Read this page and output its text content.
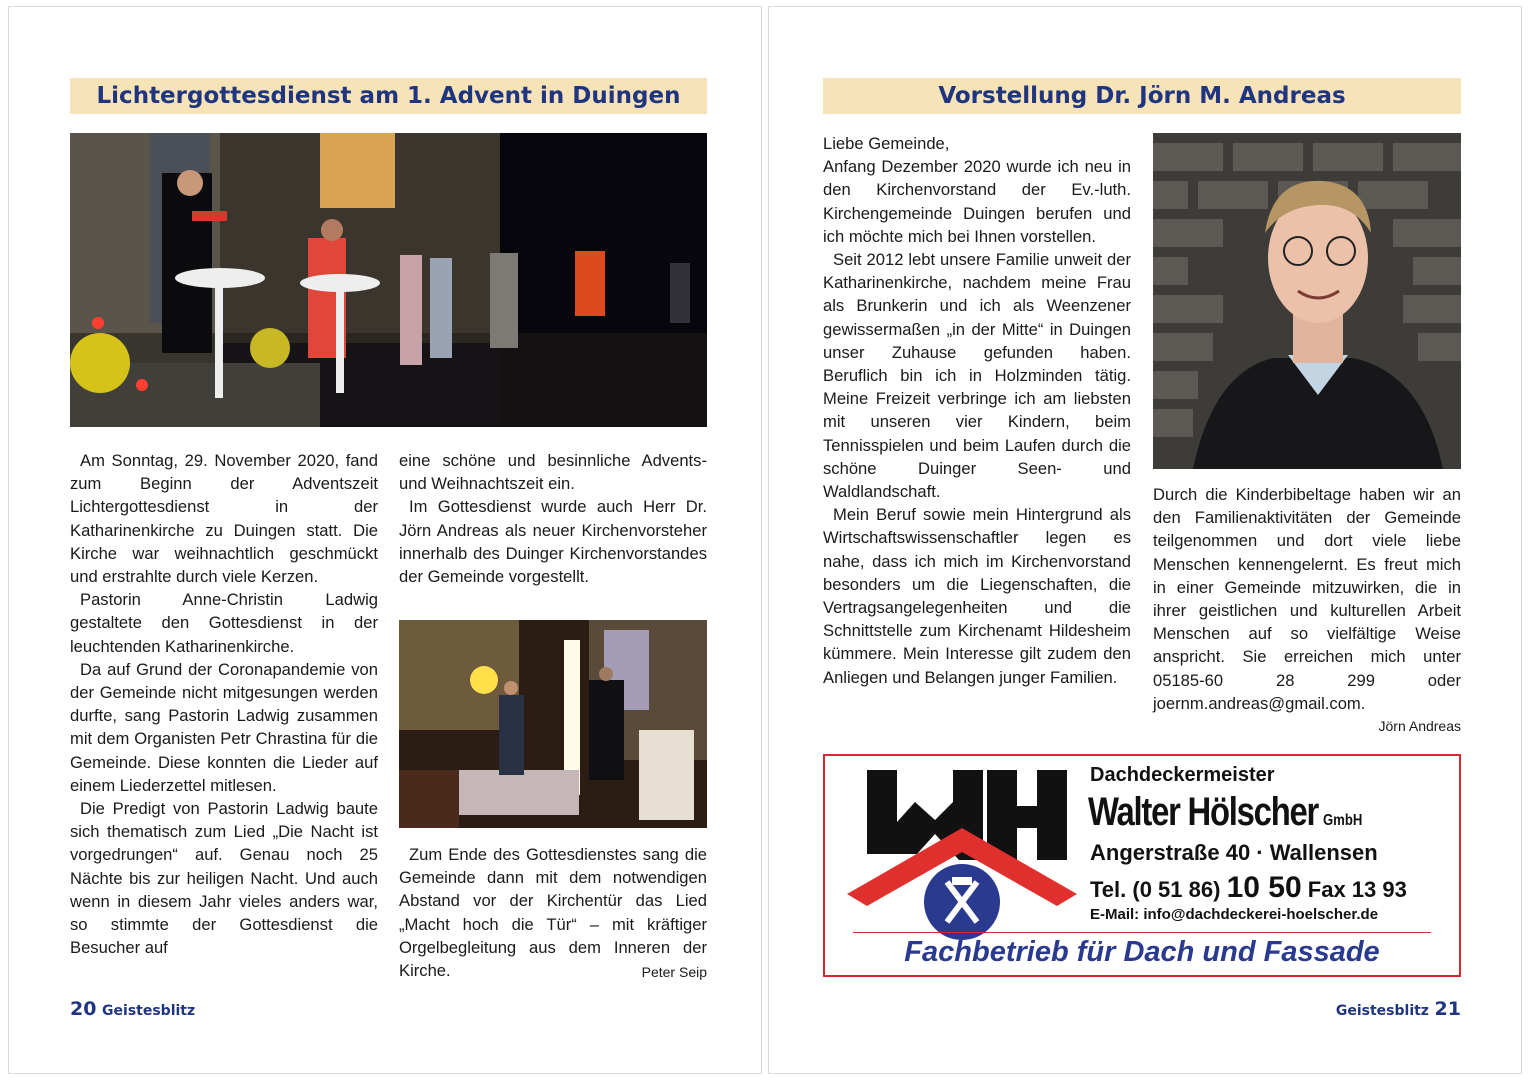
Lichtergottesdienst am 1. Advent in Duingen

Am Sonntag, 29. November 2020, fand zum Beginn der Adventszeit Lichtergottesdienst in der Katharinenkirche zu Duingen statt. Die Kirche war weihnachtlich geschmückt und erstrahlte durch viele Kerzen.

Pastorin Anne-Christin Ladwig gestaltete den Gottesdienst in der leuchtenden Katharinenkirche.

Da auf Grund der Coronapandemie von der Gemeinde nicht mitgesungen werden durfte, sang Pastorin Ladwig zusammen mit dem Organisten Petr Chrastina für die Gemeinde. Diese konnten die Lieder auf einem Liederzettel mitlesen.

Die Predigt von Pastorin Ladwig baute sich thematisch zum Lied „Die Nacht ist vorgedrungen“ auf. Genau noch 25 Nächte bis zur heiligen Nacht. Und auch wenn in diesem Jahr vieles anders war, so stimmte der Gottesdienst die Besucher auf

eine schöne und besinnliche Advents- und Weihnachtszeit ein.

Im Gottesdienst wurde auch Herr Dr. Jörn Andreas als neuer Kirchenvorsteher innerhalb des Duinger Kirchenvorstandes der Gemeinde vorgestellt.

Zum Ende des Gottesdienstes sang die Gemeinde dann mit dem notwendigen Abstand vor der Kirchentür das Lied „Macht hoch die Tür“ – mit kräftiger Orgelbegleitung aus dem Inneren der Kirche.	Peter Seip
20 Geistesblitz
Vorstellung Dr. Jörn M. Andreas

Liebe Gemeinde,

Anfang Dezember 2020 wurde ich neu in den Kirchenvorstand der Ev.-luth. Kirchengemeinde Duingen berufen und ich möchte mich bei Ihnen vorstellen.

Seit 2012 lebt unsere Familie unweit der Katharinenkirche, nachdem meine Frau als Brunkerin und ich als Weenzener gewissermaßen „in der Mitte“ in Duingen unser Zuhause gefunden haben. Beruflich bin ich in Holzminden tätig. Meine Freizeit verbringe ich am liebsten mit unseren vier Kindern, beim Tennisspielen und beim Laufen durch die schöne Duinger Seen- und Waldlandschaft.

Mein Beruf sowie mein Hintergrund als Wirtschaftswissenschaftler legen es nahe, dass ich mich im Kirchenvorstand besonders um die Liegenschaften, die Vertragsangelegenheiten und die Schnittstelle zum Kirchenamt Hildesheim kümmere. Mein Interesse gilt zudem den Anliegen und Belangen junger Familien.

Durch die Kinderbibeltage haben wir an den Familienaktivitäten der Gemeinde teilgenommen und dort viele liebe Menschen kennengelernt. Es freut mich in einer Gemeinde mitzuwirken, die in ihrer geistlichen und kulturellen Arbeit Menschen auf so vielfältige Weise anspricht. Sie erreichen mich unter 05185-60 28 299 oder joernm.andreas@gmail.com.

Jörn Andreas
Dachdeckermeister
Walter Hölscher GmbH
Angerstraße 40 · Wallensen
Tel. (0 51 86) 10 50 Fax 13 93
E-Mail: info@dachdeckerei-hoelscher.de
Fachbetrieb für Dach und Fassade
Geistesblitz 21
